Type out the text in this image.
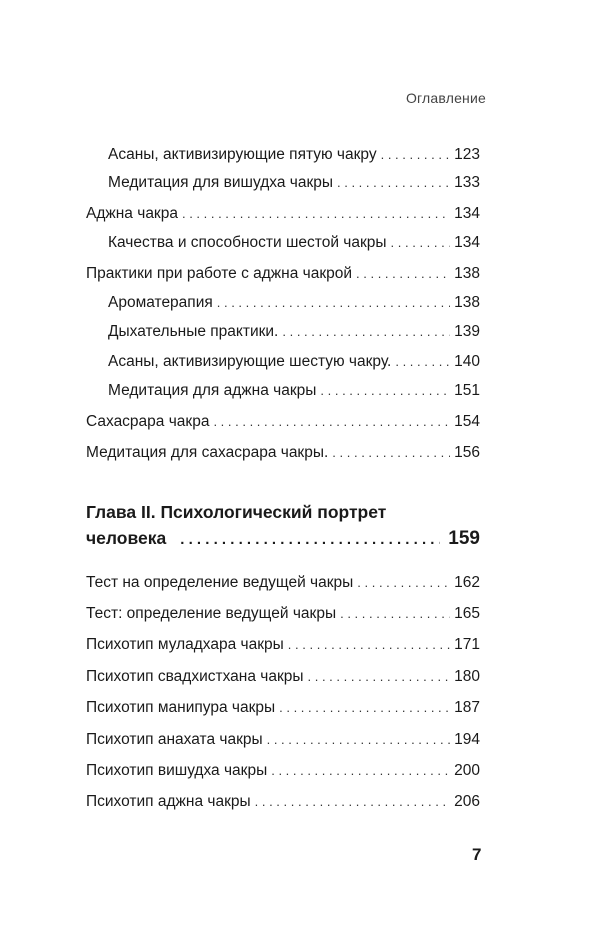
Оглавление
Асаны, активизирующие пятую чакру . . .	123
Медитация для вишудха чакры . . .	133
Аджна чакра . . .	134
Качества и способности шестой чакры . . .	134
Практики при работе с аджна чакрой . . .	138
Ароматерапия . . .	138
Дыхательные практики. . . .	139
Асаны, активизирующие шестую чакру. . . .	140
Медитация для аджна чакры . . .	151
Сахасрара чакра . . .	154
Медитация для сахасрара чакры. . . .	156
Глава II. Психологический портрет
человека . . .	159
Тест на определение ведущей чакры . . .	162
Тест: определение ведущей чакры . . .	165
Психотип муладхара чакры . . .	171
Психотип свадхистхана чакры . . .	180
Психотип манипура чакры . . .	187
Психотип анахата чакры . . .	194
Психотип вишудха чакры . . .	200
Психотип аджна чакры . . .	206
7
